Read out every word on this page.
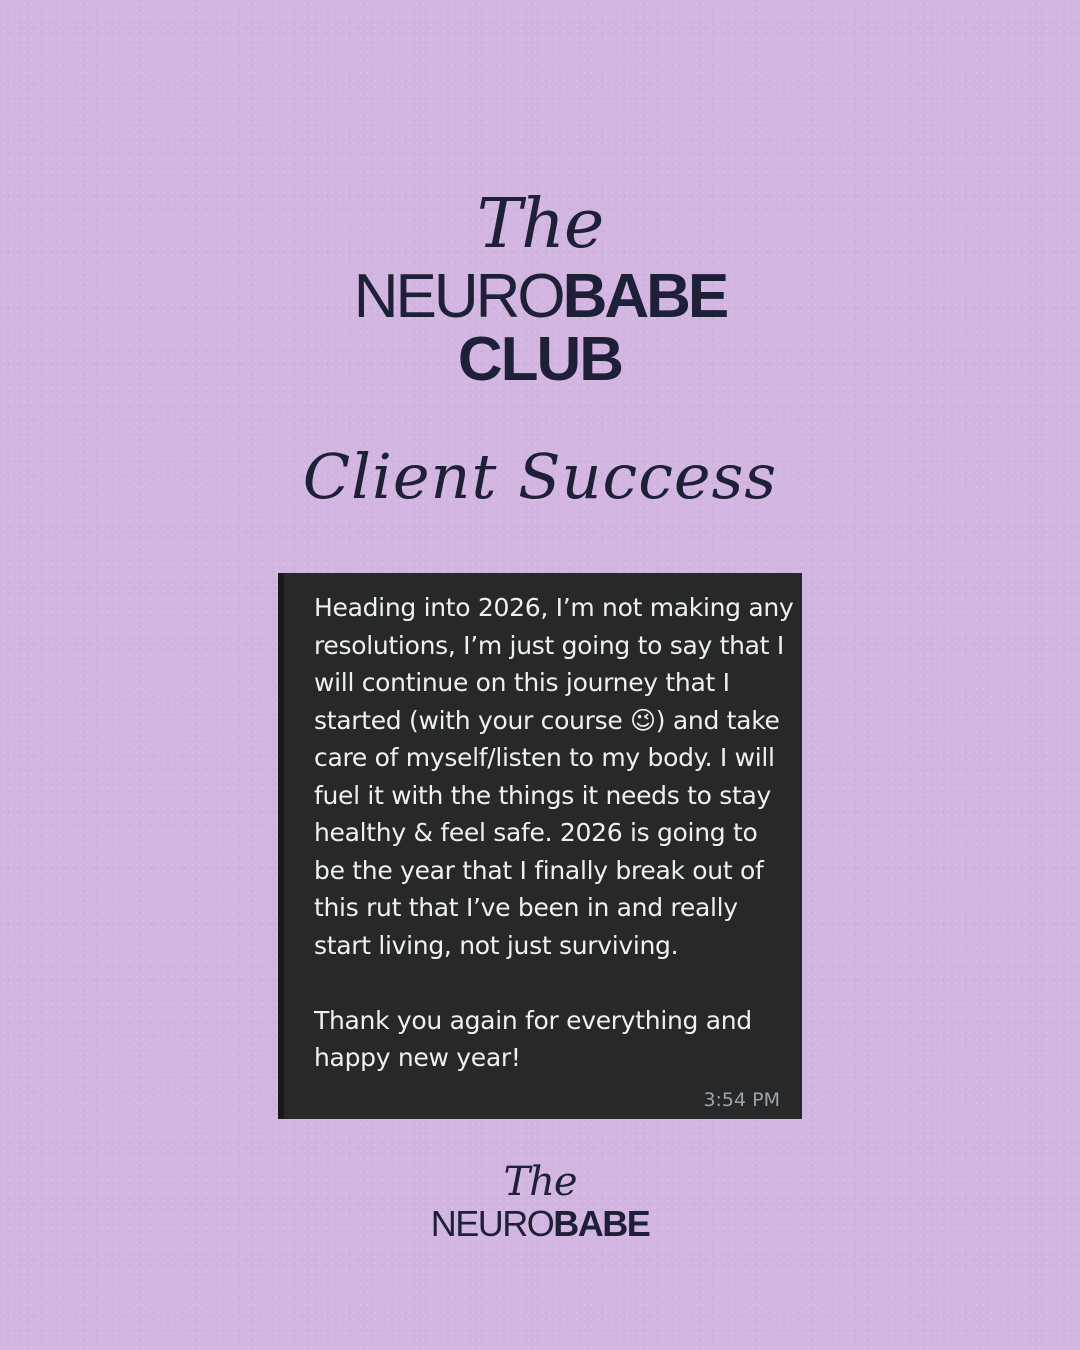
The
NEUROBABE
CLUB
Client Success
Heading into 2026, I’m not making any resolutions, I’m just going to say that I will continue on this journey that I started (with your course 😉) and take care of myself/listen to my body. I will fuel it with the things it needs to stay healthy & feel safe. 2026 is going to be the year that I finally break out of this rut that I’ve been in and really start living, not just surviving.

Thank you again for everything and happy new year!
3:54 PM
The
NEUROBABE
